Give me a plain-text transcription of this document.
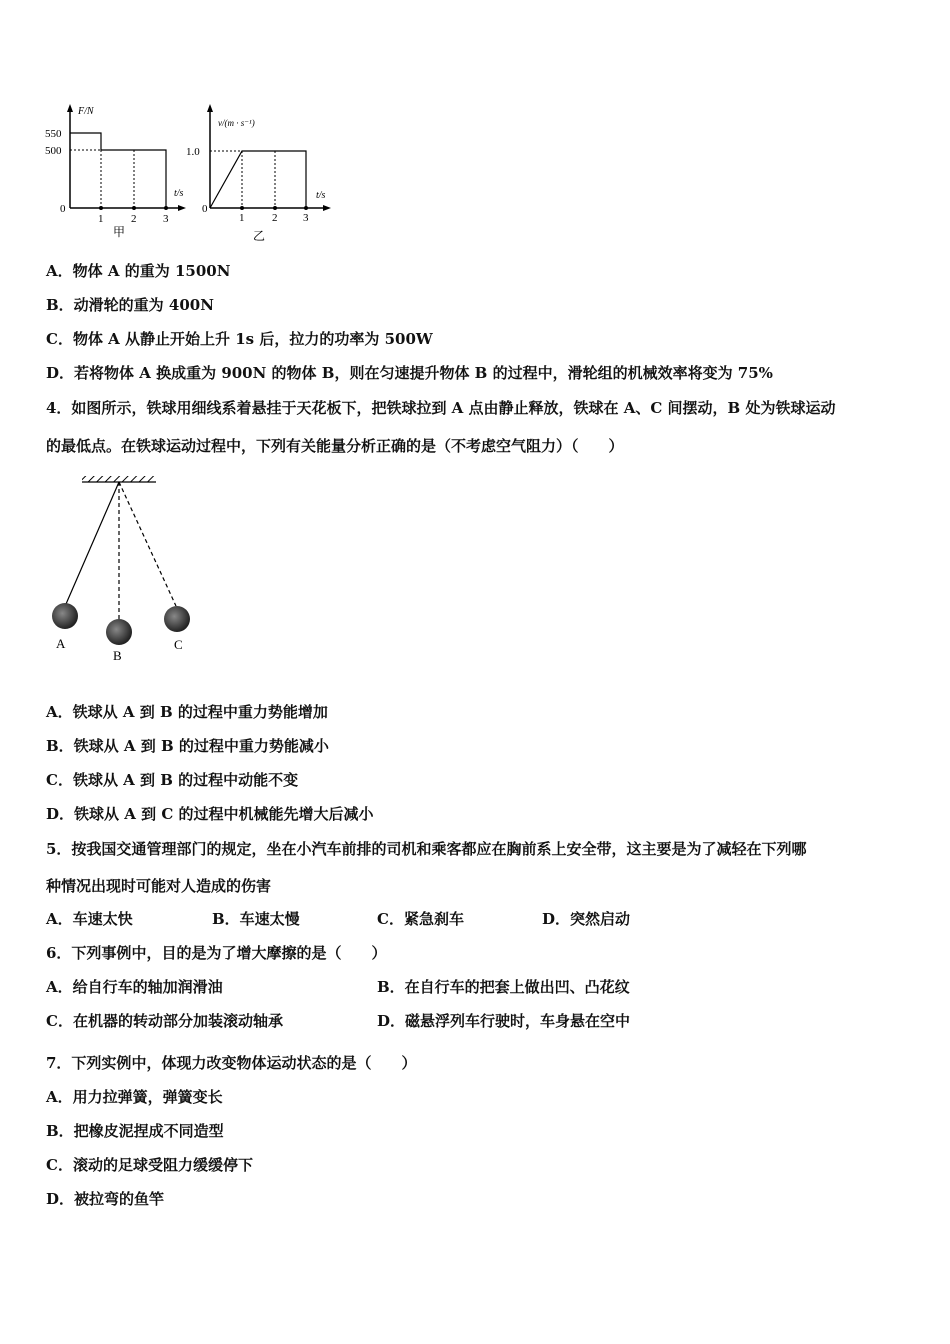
F/N
550
500
t/s
0
1	2 3
甲
v/(m · s⁻¹)
1.0
t/s
0
1	2 3
乙
A．物体 A 的重为 1500N
B．动滑轮的重为 400N
C．物体 A 从静止开始上升 1s 后，拉力的功率为 500W
D．若将物体 A 换成重为 900N 的物体 B，则在匀速提升物体 B 的过程中，滑轮组的机械效率将变为 75%
4．如图所示，铁球用细线系着悬挂于天花板下，把铁球拉到 A 点由静止释放，铁球在 A、C 间摆动，B 处为铁球运动
的最低点。在铁球运动过程中，下列有关能量分析正确的是（不考虑空气阻力）（　　）
A
B
C
A．铁球从 A 到 B 的过程中重力势能增加
B．铁球从 A 到 B 的过程中重力势能减小
C．铁球从 A 到 B 的过程中动能不变
D．铁球从 A 到 C 的过程中机械能先增大后减小
5．按我国交通管理部门的规定，坐在小汽车前排的司机和乘客都应在胸前系上安全带，这主要是为了减轻在下列哪
种情况出现时可能对人造成的伤害
A．车速太快	B．车速太慢	C．紧急刹车	D．突然启动
6．下列事例中，目的是为了增大摩擦的是（　　）
A．给自行车的轴加润滑油	B．在自行车的把套上做出凹、凸花纹
C．在机器的转动部分加装滚动轴承	D．磁悬浮列车行驶时，车身悬在空中
7．下列实例中，体现力改变物体运动状态的是（　　）
A．用力拉弹簧，弹簧变长
B．把橡皮泥捏成不同造型
C．滚动的足球受阻力缓缓停下
D．被拉弯的鱼竿
